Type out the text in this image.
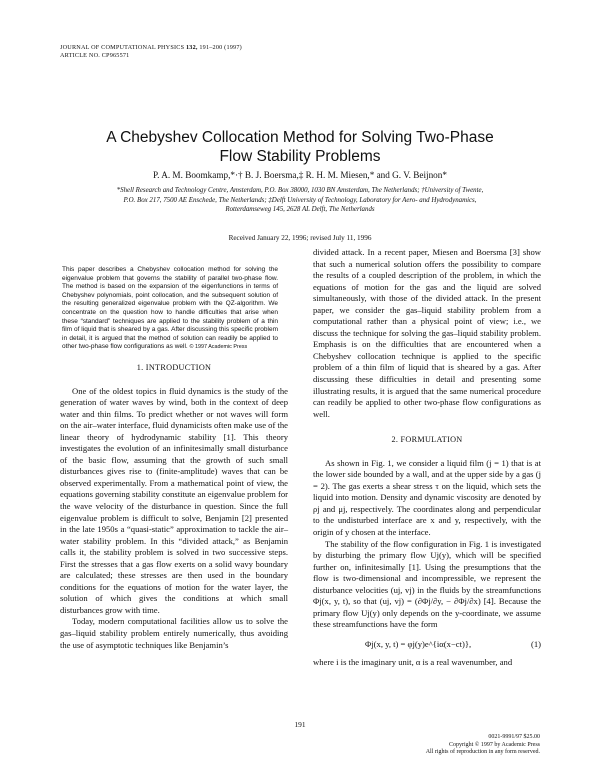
JOURNAL OF COMPUTATIONAL PHYSICS 132, 191–200 (1997)
ARTICLE NO. CP965571
A Chebyshev Collocation Method for Solving Two-Phase
Flow Stability Problems
P. A. M. Boomkamp,*·† B. J. Boersma,‡ R. H. M. Miesen,* and G. V. Beijnon*
*Shell Research and Technology Centre, Amsterdam, P.O. Box 38000, 1030 BN Amsterdam, The Netherlands; †University of Twente,
P.O. Box 217, 7500 AE Enschede, The Netherlands; ‡Delft University of Technology, Laboratory for Aero- and Hydrodynamics,
Rotterdamseweg 145, 2628 AL Delft, The Netherlands
Received January 22, 1996; revised July 11, 1996
This paper describes a Chebyshev collocation method for solving the eigenvalue problem that governs the stability of parallel two-phase flow. The method is based on the expansion of the eigenfunctions in terms of Chebyshev polynomials, point collocation, and the subsequent solution of the resulting generalized eigenvalue problem with the QZ-algorithm. We concentrate on the question how to handle difficulties that arise when these “standard” techniques are applied to the stability problem of a thin film of liquid that is sheared by a gas. After discussing this specific problem in detail, it is argued that the method of solution can readily be applied to other two-phase flow configurations as well. © 1997 Academic Press
1. INTRODUCTION

One of the oldest topics in fluid dynamics is the study of the generation of water waves by wind, both in the context of deep water and thin films. To predict whether or not waves will form on the air–water interface, fluid dynamicists often make use of the linear theory of hydrodynamic stability [1]. This theory investigates the evolution of an infinitesimally small disturbance of the basic flow, assuming that the growth of such small disturbances gives rise to (finite-amplitude) waves that can be observed experimentally. From a mathematical point of view, the equations governing stability constitute an eigenvalue problem for the wave velocity of the disturbance in question. Since the full eigenvalue problem is difficult to solve, Benjamin [2] presented in the late 1950s a “quasi-static” approximation to tackle the air–water stability problem. In this “divided attack,” as Benjamin calls it, the stability problem is solved in two successive steps. First the stresses that a gas flow exerts on a solid wavy boundary are calculated; these stresses are then used in the boundary conditions for the equations of motion for the water layer, the solution of which gives the conditions at which small disturbances grow with time.

Today, modern computational facilities allow us to solve the gas–liquid stability problem entirely numerically, thus avoiding the use of asymptotic techniques like Benjamin’s

divided attack. In a recent paper, Miesen and Boersma [3] show that such a numerical solution offers the possibility to compare the results of a coupled description of the problem, in which the equations of motion for the gas and the liquid are solved simultaneously, with those of the divided attack. In the present paper, we consider the gas–liquid stability problem from a computational rather than a physical point of view; i.e., we discuss the technique for solving the gas–liquid stability problem. Emphasis is on the difficulties that are encountered when a Chebyshev collocation technique is applied to the specific problem of a thin film of liquid that is sheared by a gas. After discussing these difficulties in detail and presenting some illustrating results, it is argued that the same numerical procedure can readily be applied to other two-phase flow configurations as well.

2. FORMULATION

As shown in Fig. 1, we consider a liquid film (j = 1) that is at the lower side bounded by a wall, and at the upper side by a gas (j = 2). The gas exerts a shear stress τ on the liquid, which sets the liquid into motion. Density and dynamic viscosity are denoted by ρj and μj, respectively. The coordinates along and perpendicular to the undisturbed interface are x and y, respectively, with the origin of y chosen at the interface.

The stability of the flow configuration in Fig. 1 is investigated by disturbing the primary flow Uj(y), which will be specified further on, infinitesimally [1]. Using the presumptions that the flow is two-dimensional and incompressible, we represent the disturbance velocities (uj, vj) in the fluids by the streamfunctions Φj(x, y, t), so that (uj, vj) = (∂Φj/∂y, − ∂Φj/∂x) [4]. Because the primary flow Uj(y) only depends on the y-coordinate, we assume these streamfunctions have the form

Φj(x, y, t) = φj(y)e^{iα(x−ct)},	(1)

where i is the imaginary unit, α is a real wavenumber, and

191
0021-9991/97 $25.00
Copyright © 1997 by Academic Press
All rights of reproduction in any form reserved.
